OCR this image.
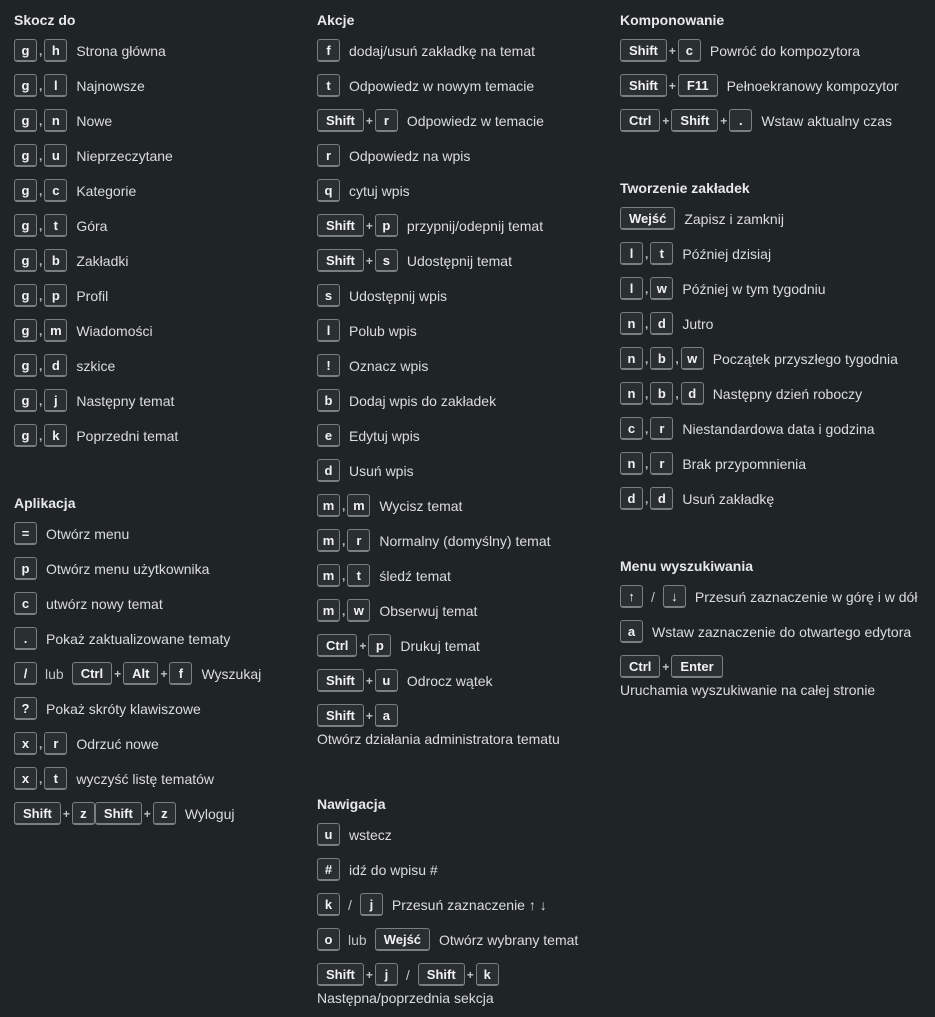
Skocz do
g , h	Strona główna
g , l	Najnowsze
g , n	Nowe
g , u	Nieprzeczytane
g , c	Kategorie
g , t	Góra
g , b	Zakładki
g , p	Profil
g , m	Wiadomości
g , d	szkice
g , j	Następny temat
g , k	Poprzedni temat
Aplikacja
=	Otwórz menu
p	Otwórz menu użytkownika
c	utwórz nowy temat
.	Pokaż zaktualizowane tematy
/	lub	Ctrl + Alt + f	Wyszukaj
?	Pokaż skróty klawiszowe
x , r	Odrzuć nowe
x , t	wyczyść listę tematów
Shift + z	Shift + z	Wyloguj
Akcje
f	dodaj/usuń zakładkę na temat
t	Odpowiedz w nowym temacie
Shift + r	Odpowiedz w temacie
r	Odpowiedz na wpis
q	cytuj wpis
Shift + p	przypnij/odepnij temat
Shift + s	Udostępnij temat
s	Udostępnij wpis
l	Polub wpis
!	Oznacz wpis
b	Dodaj wpis do zakładek
e	Edytuj wpis
d	Usuń wpis
m , m	Wycisz temat
m , r	Normalny (domyślny) temat
m , t	śledź temat
m , w	Obserwuj temat
Ctrl + p	Drukuj temat
Shift + u	Odrocz wątek
Shift + a
Otwórz działania administratora tematu
Nawigacja
u	wstecz
#	idź do wpisu #
k	/	j	Przesuń zaznaczenie ↑ ↓
o	lub	Wejść	Otwórz wybrany temat
Shift + j	/	Shift + k
Następna/poprzednia sekcja
Komponowanie
Shift + c	Powróć do kompozytora
Shift + F11	Pełnoekranowy kompozytor
Ctrl + Shift + .	Wstaw aktualny czas
Tworzenie zakładek
Wejść	Zapisz i zamknij
l , t	Później dzisiaj
l , w	Później w tym tygodniu
n , d	Jutro
n , b , w	Początek przyszłego tygodnia
n , b , d	Następny dzień roboczy
c , r	Niestandardowa data i godzina
n , r	Brak przypomnienia
d , d	Usuń zakładkę
Menu wyszukiwania
↑	/	↓	Przesuń zaznaczenie w górę i w dół
a	Wstaw zaznaczenie do otwartego edytora
Ctrl + Enter
Uruchamia wyszukiwanie na całej stronie
